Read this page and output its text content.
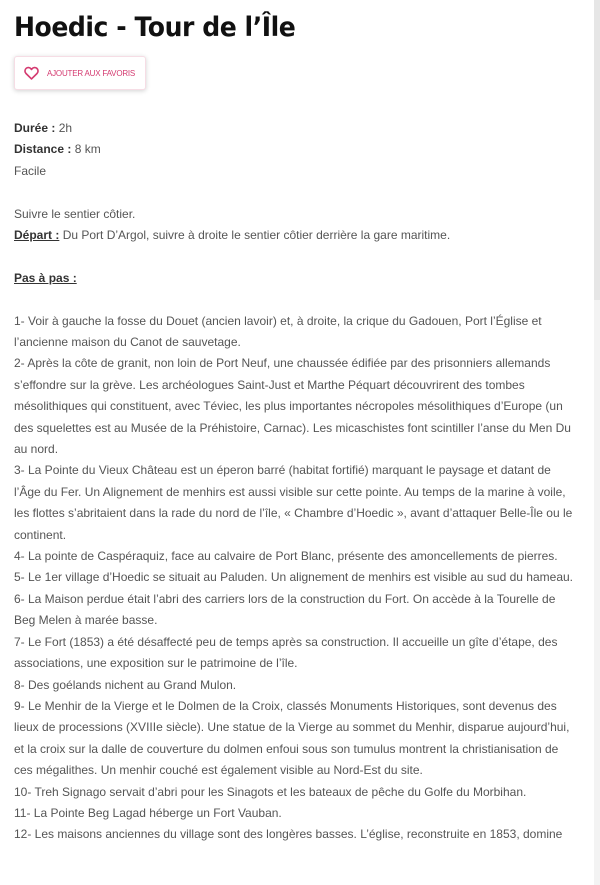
Hoedic - Tour de l’Île
AJOUTER AUX FAVORIS

Durée : 2h

Distance : 8 km

Facile

Suivre le sentier côtier.

Départ : Du Port D’Argol, suivre à droite le sentier côtier derrière la gare maritime.

Pas à pas :

1- Voir à gauche la fosse du Douet (ancien lavoir) et, à droite, la crique du Gadouen, Port l’Église et l’ancienne maison du Canot de sauvetage.

2- Après la côte de granit, non loin de Port Neuf, une chaussée édifiée par des prisonniers allemands s’effondre sur la grève. Les archéologues Saint-Just et Marthe Péquart découvrirent des tombes mésolithiques qui constituent, avec Téviec, les plus importantes nécropoles mésolithiques d’Europe (un des squelettes est au Musée de la Préhistoire, Carnac). Les micaschistes font scintiller l’anse du Men Du au nord.

3- La Pointe du Vieux Château est un éperon barré (habitat fortifié) marquant le paysage et datant de l’Âge du Fer. Un Alignement de menhirs est aussi visible sur cette pointe. Au temps de la marine à voile, les flottes s’abritaient dans la rade du nord de l’île, « Chambre d’Hoedic », avant d’attaquer Belle-Île ou le continent.

4- La pointe de Caspéraquiz, face au calvaire de Port Blanc, présente des amoncellements de pierres.

5- Le 1er village d’Hoedic se situait au Paluden. Un alignement de menhirs est visible au sud du hameau.

6- La Maison perdue était l’abri des carriers lors de la construction du Fort. On accède à la Tourelle de Beg Melen à marée basse.

7- Le Fort (1853) a été désaffecté peu de temps après sa construction. Il accueille un gîte d’étape, des associations, une exposition sur le patrimoine de l’île.

8- Des goélands nichent au Grand Mulon.

9- Le Menhir de la Vierge et le Dolmen de la Croix, classés Monuments Historiques, sont devenus des lieux de processions (XVIIIe siècle). Une statue de la Vierge au sommet du Menhir, disparue aujourd’hui, et la croix sur la dalle de couverture du dolmen enfoui sous son tumulus montrent la christianisation de ces mégalithes. Un menhir couché est également visible au Nord-Est du site.

10- Treh Signago servait d’abri pour les Sinagots et les bateaux de pêche du Golfe du Morbihan.

11- La Pointe Beg Lagad héberge un Fort Vauban.

12- Les maisons anciennes du village sont des longères basses. L’église, reconstruite en 1853, domine
